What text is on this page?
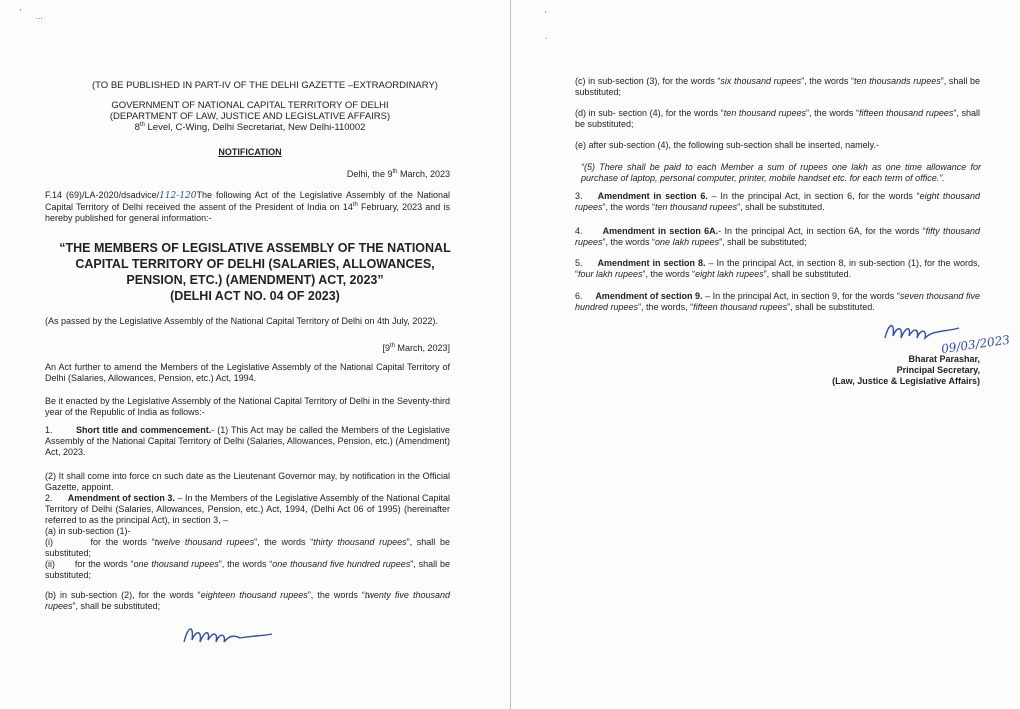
' ...

(TO BE PUBLISHED IN PART-IV OF THE DELHI GAZETTE –EXTRAORDINARY)

GOVERNMENT OF NATIONAL CAPITAL TERRITORY OF DELHI

(DEPARTMENT OF LAW, JUSTICE AND LEGISLATIVE AFFAIRS)

8th Level, C-Wing, Delhi Secretariat, New Delhi-110002

NOTIFICATION

Delhi, the 9th March, 2023

F.14 (69)/LA-2020/dsadvice/112-120The following Act of the Legislative Assembly of the National Capital Territory of Delhi received the assent of the President of India on 14th February, 2023 and is hereby published for general information:-

“THE MEMBERS OF LEGISLATIVE ASSEMBLY OF THE NATIONAL

CAPITAL TERRITORY OF DELHI (SALARIES, ALLOWANCES,

PENSION, ETC.) (AMENDMENT) ACT, 2023”

(DELHI ACT NO. 04 OF 2023)

(As passed by the Legislative Assembly of the National Capital Territory of Delhi on 4th July, 2022).

[9th March, 2023]

An Act further to amend the Members of the Legislative Assembly of the National Capital Territory of Delhi (Salaries, Allowances, Pension, etc.) Act, 1994.

Be it enacted by the Legislative Assembly of the National Capital Territory of Delhi in the Seventy-third year of the Republic of India as follows:-

1.	Short title and commencement.- (1) This Act may be called the Members of the Legislative Assembly of the National Capital Territory of Delhi (Salaries, Allowances, Pension, etc.) (Amendment) Act, 2023.

(2) It shall come into force cn such date as the Lieutenant Governor may, by notification in the Official Gazette, appoint.

2. Amendment of section 3. – In the Members of the Legislative Assembly of the National Capital Territory of Delhi (Salaries, Allowances, Pension, etc.) Act, 1994, (Delhi Act 06 of 1995) (hereinafter referred to as the principal Act), in section 3, –

(a) in sub-section (1)-

(i)	for the words “twelve thousand rupees”, the words “thirty thousand rupees”, shall be substituted;

(ii) for the words “one thousand rupees”, the words “one thousand five hundred rupees”, shall be substituted;

(b) in sub-section (2), for the words “eighteen thousand rupees”, the words “twenty five thousand rupees”, shall be substituted;

'
.

(c) in sub-section (3), for the words “six thousand rupees”, the words “ten thousands rupees”, shall be substituted;

(d) in sub- section (4), for the words “ten thousand rupees”, the words “fifteen thousand rupees”, shall be substituted;

(e) after sub-section (4), the following sub-section shall be inserted, namely.-

“(5) There shall be paid to each Member a sum of rupees one lakh as one time allowance for purchase of laptop, personal computer, printer, mobile handset etc. for each term of office.”.

3. Amendment in section 6. – In the principal Act, in section 6, for the words “eight thousand rupees”, the words “ten thousand rupees”, shall be substituted.

4. Amendment in section 6A.- In the principal Act, in section 6A, for the words “fifty thousand rupees”, the words “one lakh rupees”, shall be substituted;

5. Amendment in section 8. – In the principal Act, in section 8, in sub-section (1), for the words, “four lakh rupees”, the words “eight lakh rupees”, shall be substituted.

6. Amendment of section 9. – In the principal Act, in section 9, for the words “seven thousand five hundred rupees”, the words, “fifteen thousand rupees”, shall be substituted.

09/03/2023

Bharat Parashar,

Principal Secretary,

(Law, Justice & Legislative Affairs)
